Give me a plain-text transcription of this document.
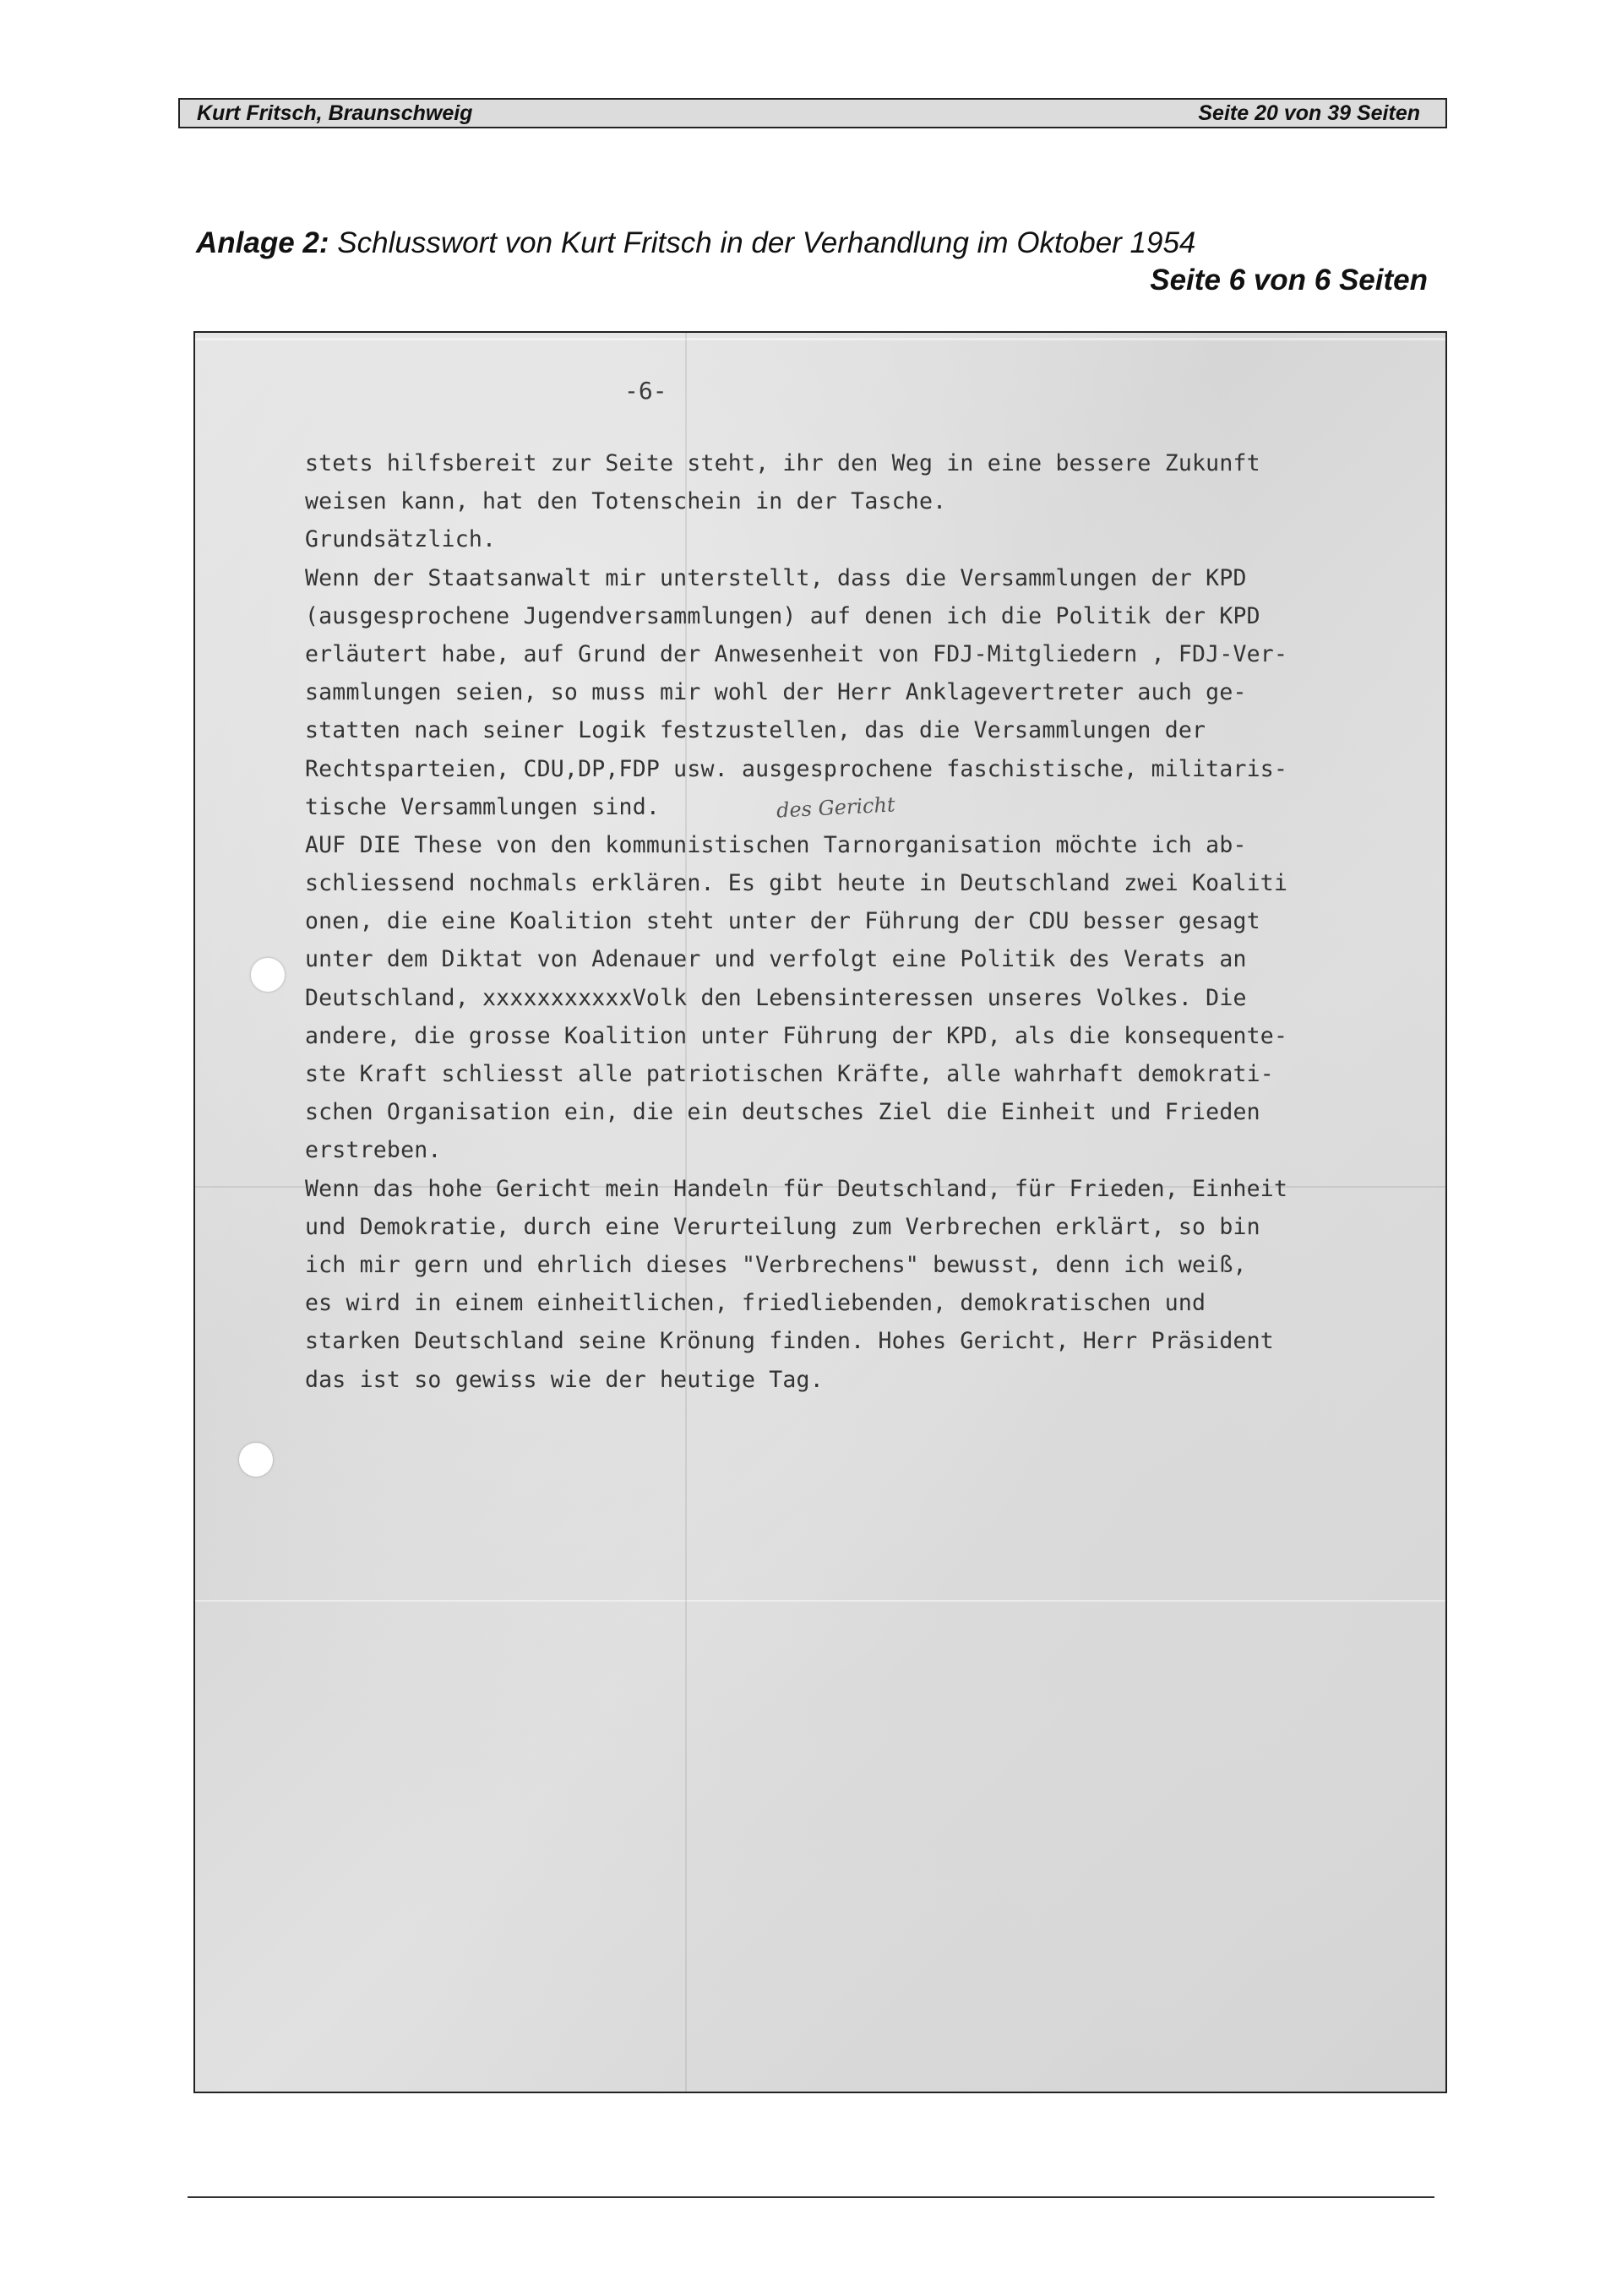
Kurt Fritsch, Braunschweig	Seite 20 von 39 Seiten
Anlage 2: Schlusswort von Kurt Fritsch in der Verhandlung im Oktober 1954
Seite 6 von 6 Seiten
-6-
stets hilfsbereit zur Seite steht, ihr den Weg in eine bessere Zukunft
weisen kann, hat den Totenschein in der Tasche.
Grundsätzlich.
Wenn der Staatsanwalt mir unterstellt, dass die Versammlungen der KPD
(ausgesprochene Jugendversammlungen) auf denen ich die Politik der KPD
erläutert habe, auf Grund der Anwesenheit von FDJ-Mitgliedern , FDJ-Ver-
sammlungen seien, so muss mir wohl der Herr Anklagevertreter auch ge-
statten nach seiner Logik festzustellen, das die Versammlungen der
Rechtsparteien, CDU,DP,FDP usw. ausgesprochene faschistische, militaris-
tische Versammlungen sind.
AUF DIE These von den kommunistischen Tarnorganisation möchte ich ab-
schliessend nochmals erklären. Es gibt heute in Deutschland zwei Koaliti
onen, die eine Koalition steht unter der Führung der CDU besser gesagt
unter dem Diktat von Adenauer und verfolgt eine Politik des Verats an
Deutschland, xxxxxxxxxxxVolk den Lebensinteressen unseres Volkes. Die
andere, die grosse Koalition unter Führung der KPD, als die konsequente-
ste Kraft schliesst alle patriotischen Kräfte, alle wahrhaft demokrati-
schen Organisation ein, die ein deutsches Ziel die Einheit und Frieden
erstreben.
Wenn das hohe Gericht mein Handeln für Deutschland, für Frieden, Einheit
und Demokratie, durch eine Verurteilung zum Verbrechen erklärt, so bin
ich mir gern und ehrlich dieses "Verbrechens" bewusst, denn ich weiß,
es wird in einem einheitlichen, friedliebenden, demokratischen und
starken Deutschland seine Krönung finden. Hohes Gericht, Herr Präsident
das ist so gewiss wie der heutige Tag.
des Gericht
